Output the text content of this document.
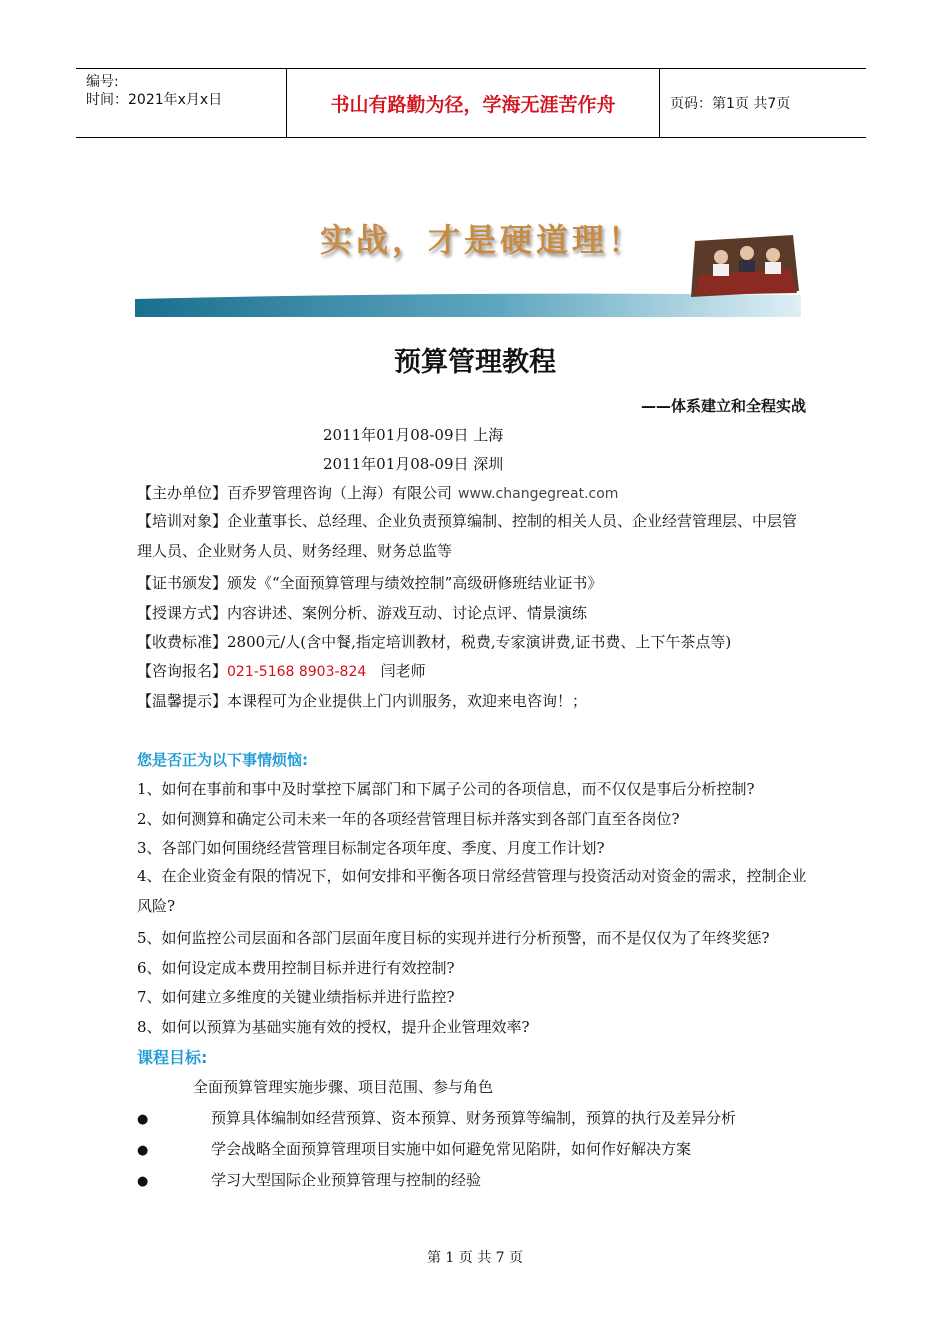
编号:
时间：2021年x月x日	书山有路勤为径，学海无涯苦作舟	页码：第1页 共7页
实战，才是硬道理！
预算管理教程
——体系建立和全程实战
2011年01月08-09日 上海
2011年01月08-09日 深圳
【主办单位】百乔罗管理咨询（上海）有限公司 www.changegreat.com
【培训对象】企业董事长、总经理、企业负责预算编制、控制的相关人员、企业经营管理层、中层管理人员、企业财务人员、财务经理、财务总监等
【证书颁发】颁发《“全面预算管理与绩效控制”高级研修班结业证书》
【授课方式】内容讲述、案例分析、游戏互动、讨论点评、情景演练
【收费标准】2800元/人(含中餐,指定培训教材，税费,专家演讲费,证书费、上下午茶点等)
【咨询报名】021-5168 8903-824 闫老师
【温馨提示】本课程可为企业提供上门内训服务，欢迎来电咨询！；
您是否正为以下事情烦恼:
1、如何在事前和事中及时掌控下属部门和下属子公司的各项信息，而不仅仅是事后分析控制?
2、如何测算和确定公司未来一年的各项经营管理目标并落实到各部门直至各岗位?
3、各部门如何围绕经营管理目标制定各项年度、季度、月度工作计划?
4、在企业资金有限的情况下，如何安排和平衡各项日常经营管理与投资活动对资金的需求，控制企业风险?
5、如何监控公司层面和各部门层面年度目标的实现并进行分析预警，而不是仅仅为了年终奖惩?
6、如何设定成本费用控制目标并进行有效控制?
7、如何建立多维度的关键业绩指标并进行监控?
8、如何以预算为基础实施有效的授权，提升企业管理效率?
课程目标:
全面预算管理实施步骤、项目范围、参与角色
●预算具体编制如经营预算、资本预算、财务预算等编制，预算的执行及差异分析
●学会战略全面预算管理项目实施中如何避免常见陷阱，如何作好解决方案
●学习大型国际企业预算管理与控制的经验
第 1 页 共 7 页
